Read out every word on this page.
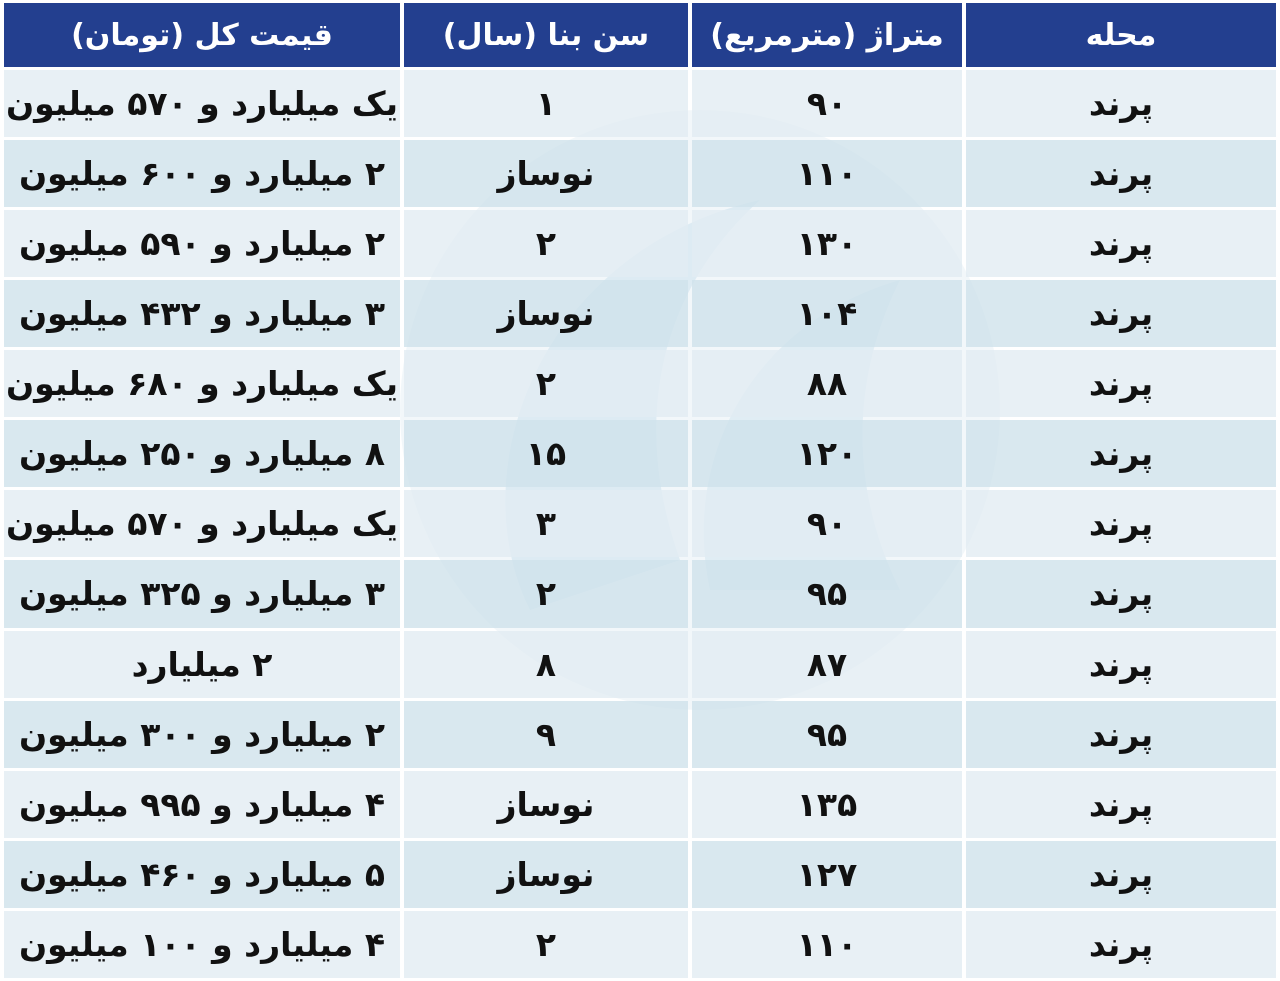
محله	متراژ (مترمربع)	سن بنا (سال)	قیمت کل (تومان)
پرند	۹۰	۱	یک میلیارد و ۵۷۰ میلیون
پرند	۱۱۰	نوساز	۲ میلیارد و ۶۰۰ میلیون
پرند	۱۳۰	۲	۲ میلیارد و ۵۹۰ میلیون
پرند	۱۰۴	نوساز	۳ میلیارد و ۴۳۲ میلیون
پرند	۸۸	۲	یک میلیارد و ۶۸۰ میلیون
پرند	۱۲۰	۱۵	۸ میلیارد و ۲۵۰ میلیون
پرند	۹۰	۳	یک میلیارد و ۵۷۰ میلیون
پرند	۹۵	۲	۳ میلیارد و ۳۲۵ میلیون
پرند	۸۷	۸	۲ میلیارد
پرند	۹۵	۹	۲ میلیارد و ۳۰۰ میلیون
پرند	۱۳۵	نوساز	۴ میلیارد و ۹۹۵ میلیون
پرند	۱۲۷	نوساز	۵ میلیارد و ۴۶۰ میلیون
پرند	۱۱۰	۲	۴ میلیارد و ۱۰۰ میلیون
